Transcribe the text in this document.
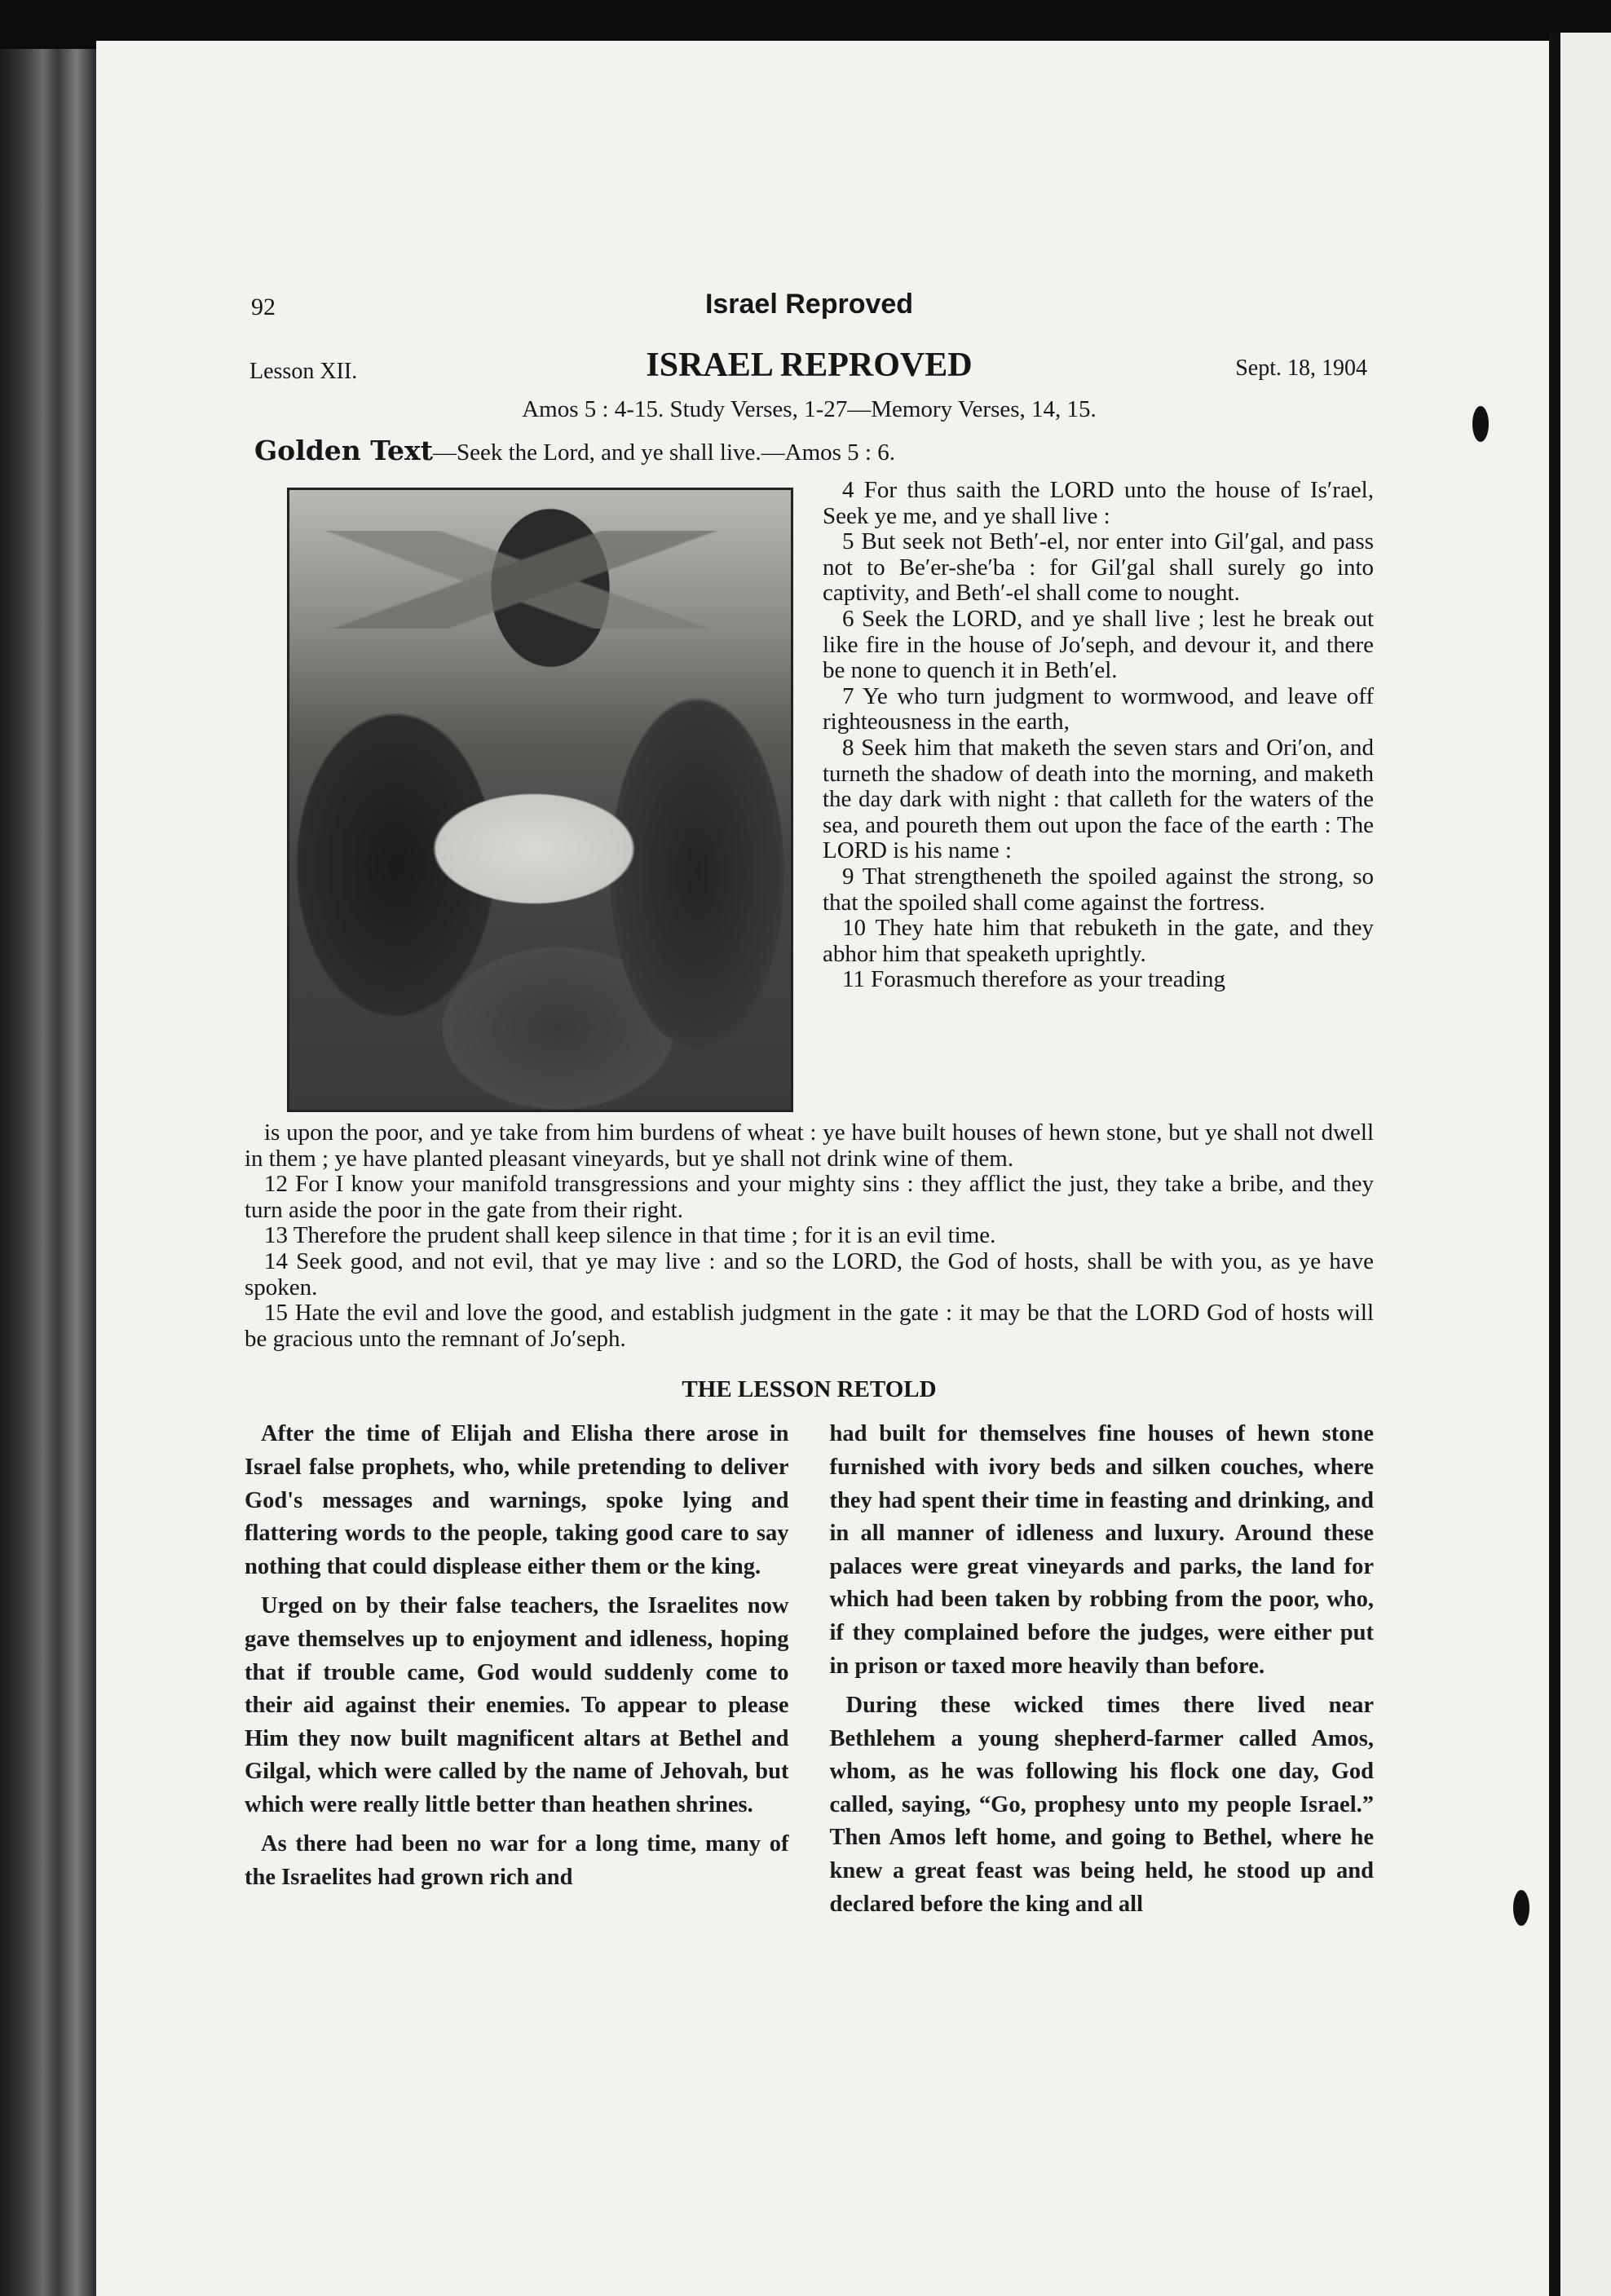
92	Israel Reproved
Lesson XII.	ISRAEL REPROVED	Sept. 18, 1904
Amos 5 : 4-15. Study Verses, 1-27—Memory Verses, 14, 15.
Golden Text—Seek the Lord, and ye shall live.—Amos 5 : 6.

4 For thus saith the LORD unto the house of Is′rael, Seek ye me, and ye shall live :

5 But seek not Beth′-el, nor enter into Gil′gal, and pass not to Be′er-she′ba : for Gil′gal shall surely go into captivity, and Beth′-el shall come to nought.

6 Seek the LORD, and ye shall live ; lest he break out like fire in the house of Jo′seph, and devour it, and there be none to quench it in Beth′el.

7 Ye who turn judgment to wormwood, and leave off righteousness in the earth,

8 Seek him that maketh the seven stars and Ori′on, and turneth the shadow of death into the morning, and maketh the day dark with night : that calleth for the waters of the sea, and poureth them out upon the face of the earth : The LORD is his name :

9 That strengtheneth the spoiled against the strong, so that the spoiled shall come against the fortress.

10 They hate him that rebuketh in the gate, and they abhor him that speaketh uprightly.

11 Forasmuch therefore as your treading

is upon the poor, and ye take from him burdens of wheat : ye have built houses of hewn stone, but ye shall not dwell in them ; ye have planted pleasant vineyards, but ye shall not drink wine of them.

12 For I know your manifold transgressions and your mighty sins : they afflict the just, they take a bribe, and they turn aside the poor in the gate from their right.

13 Therefore the prudent shall keep silence in that time ; for it is an evil time.

14 Seek good, and not evil, that ye may live : and so the LORD, the God of hosts, shall be with you, as ye have spoken.

15 Hate the evil and love the good, and establish judgment in the gate : it may be that the LORD God of hosts will be gracious unto the remnant of Jo′seph.

THE LESSON RETOLD

After the time of Elijah and Elisha there arose in Israel false prophets, who, while pretending to deliver God's messages and warnings, spoke lying and flattering words to the people, taking good care to say nothing that could displease either them or the king.

Urged on by their false teachers, the Israelites now gave themselves up to enjoyment and idleness, hoping that if trouble came, God would suddenly come to their aid against their enemies. To appear to please Him they now built magnificent altars at Bethel and Gilgal, which were called by the name of Jehovah, but which were really little better than heathen shrines.

As there had been no war for a long time, many of the Israelites had grown rich and

had built for themselves fine houses of hewn stone furnished with ivory beds and silken couches, where they had spent their time in feasting and drinking, and in all manner of idleness and luxury. Around these palaces were great vineyards and parks, the land for which had been taken by robbing from the poor, who, if they complained before the judges, were either put in prison or taxed more heavily than before.

During these wicked times there lived near Bethlehem a young shepherd-farmer called Amos, whom, as he was following his flock one day, God called, saying, “Go, prophesy unto my people Israel.” Then Amos left home, and going to Bethel, where he knew a great feast was being held, he stood up and declared before the king and all
